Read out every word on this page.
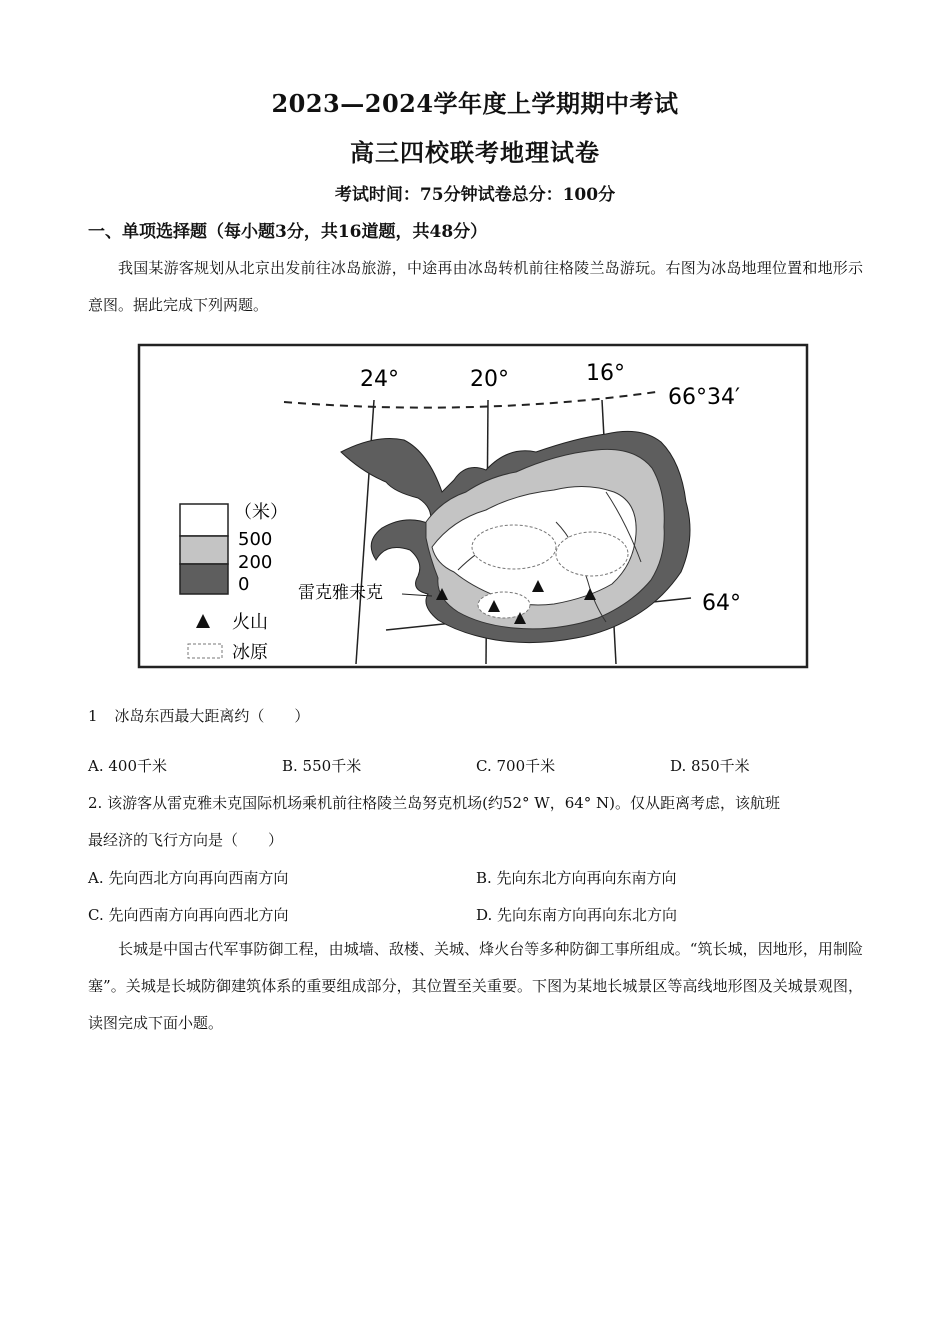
2023—2024学年度上学期期中考试
高三四校联考地理试卷
考试时间：75分钟试卷总分：100分
一、单项选择题（每小题3分，共16道题，共48分）
我国某游客规划从北京出发前往冰岛旅游，中途再由冰岛转机前往格陵兰岛游玩。右图为冰岛地理位置和地形示意图。据此完成下列两题。
24°	20°	16°
66°34′
64°
雷克雅未克
（米）
500
200
0
火山
冰原
1 冰岛东西最大距离约（　　）
A. 400千米	B. 550千米	C. 700千米	D. 850千米
2. 该游客从雷克雅未克国际机场乘机前往格陵兰岛努克机场(约52° W，64° N)。仅从距离考虑，该航班
最经济的飞行方向是（　　）
A. 先向西北方向再向西南方向	B. 先向东北方向再向东南方向
C. 先向西南方向再向西北方向	D. 先向东南方向再向东北方向
长城是中国古代军事防御工程，由城墙、敌楼、关城、烽火台等多种防御工事所组成。“筑长城，因地形，用制险塞”。关城是长城防御建筑体系的重要组成部分，其位置至关重要。下图为某地长城景区等高线地形图及关城景观图，读图完成下面小题。
